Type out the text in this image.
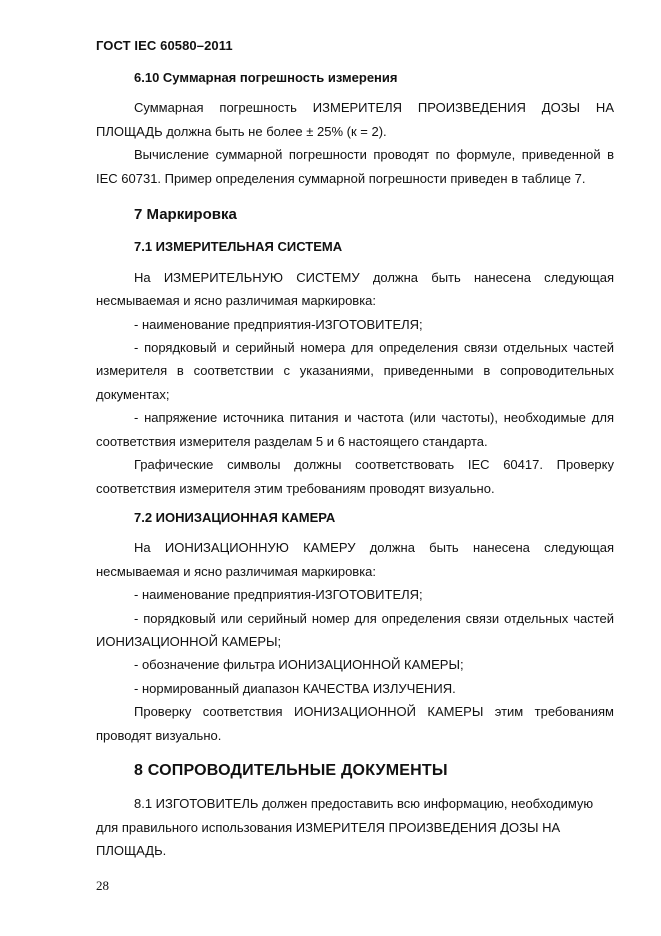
ГОСТ IEC 60580–2011
6.10 Суммарная погрешность измерения

Суммарная погрешность ИЗМЕРИТЕЛЯ ПРОИЗВЕДЕНИЯ ДОЗЫ НА ПЛОЩАДЬ должна быть не более ± 25% (к = 2).

Вычисление суммарной погрешности проводят по формуле, приведенной в IEC 60731. Пример определения суммарной погрешности приведен в таблице 7.

7 Маркировка
7.1 ИЗМЕРИТЕЛЬНАЯ СИСТЕМА

На ИЗМЕРИТЕЛЬНУЮ СИСТЕМУ должна быть нанесена следующая несмываемая и ясно различимая маркировка:

- наименование предприятия-ИЗГОТОВИТЕЛЯ;

- порядковый и серийный номера для определения связи отдельных частей измерителя в соответствии с указаниями, приведенными в сопроводительных документах;

- напряжение источника питания и частота (или частоты), необходимые для соответствия измерителя разделам 5 и 6 настоящего стандарта.

Графические символы должны соответствовать IEC 60417. Проверку соответствия измерителя этим требованиям проводят визуально.

7.2 ИОНИЗАЦИОННАЯ КАМЕРА

На ИОНИЗАЦИОННУЮ КАМЕРУ должна быть нанесена следующая несмываемая и ясно различимая маркировка:

- наименование предприятия-ИЗГОТОВИТЕЛЯ;

- порядковый или серийный номер для определения связи отдельных частей ИОНИЗАЦИОННОЙ КАМЕРЫ;

- обозначение фильтра ИОНИЗАЦИОННОЙ КАМЕРЫ;

- нормированный диапазон КАЧЕСТВА ИЗЛУЧЕНИЯ.

Проверку соответствия ИОНИЗАЦИОННОЙ КАМЕРЫ этим требованиям проводят визуально.

8 СОПРОВОДИТЕЛЬНЫЕ ДОКУМЕНТЫ

8.1 ИЗГОТОВИТЕЛЬ должен предоставить всю информацию, необходимую для правильного использования ИЗМЕРИТЕЛЯ ПРОИЗВЕДЕНИЯ ДОЗЫ НА ПЛОЩАДЬ.

28
